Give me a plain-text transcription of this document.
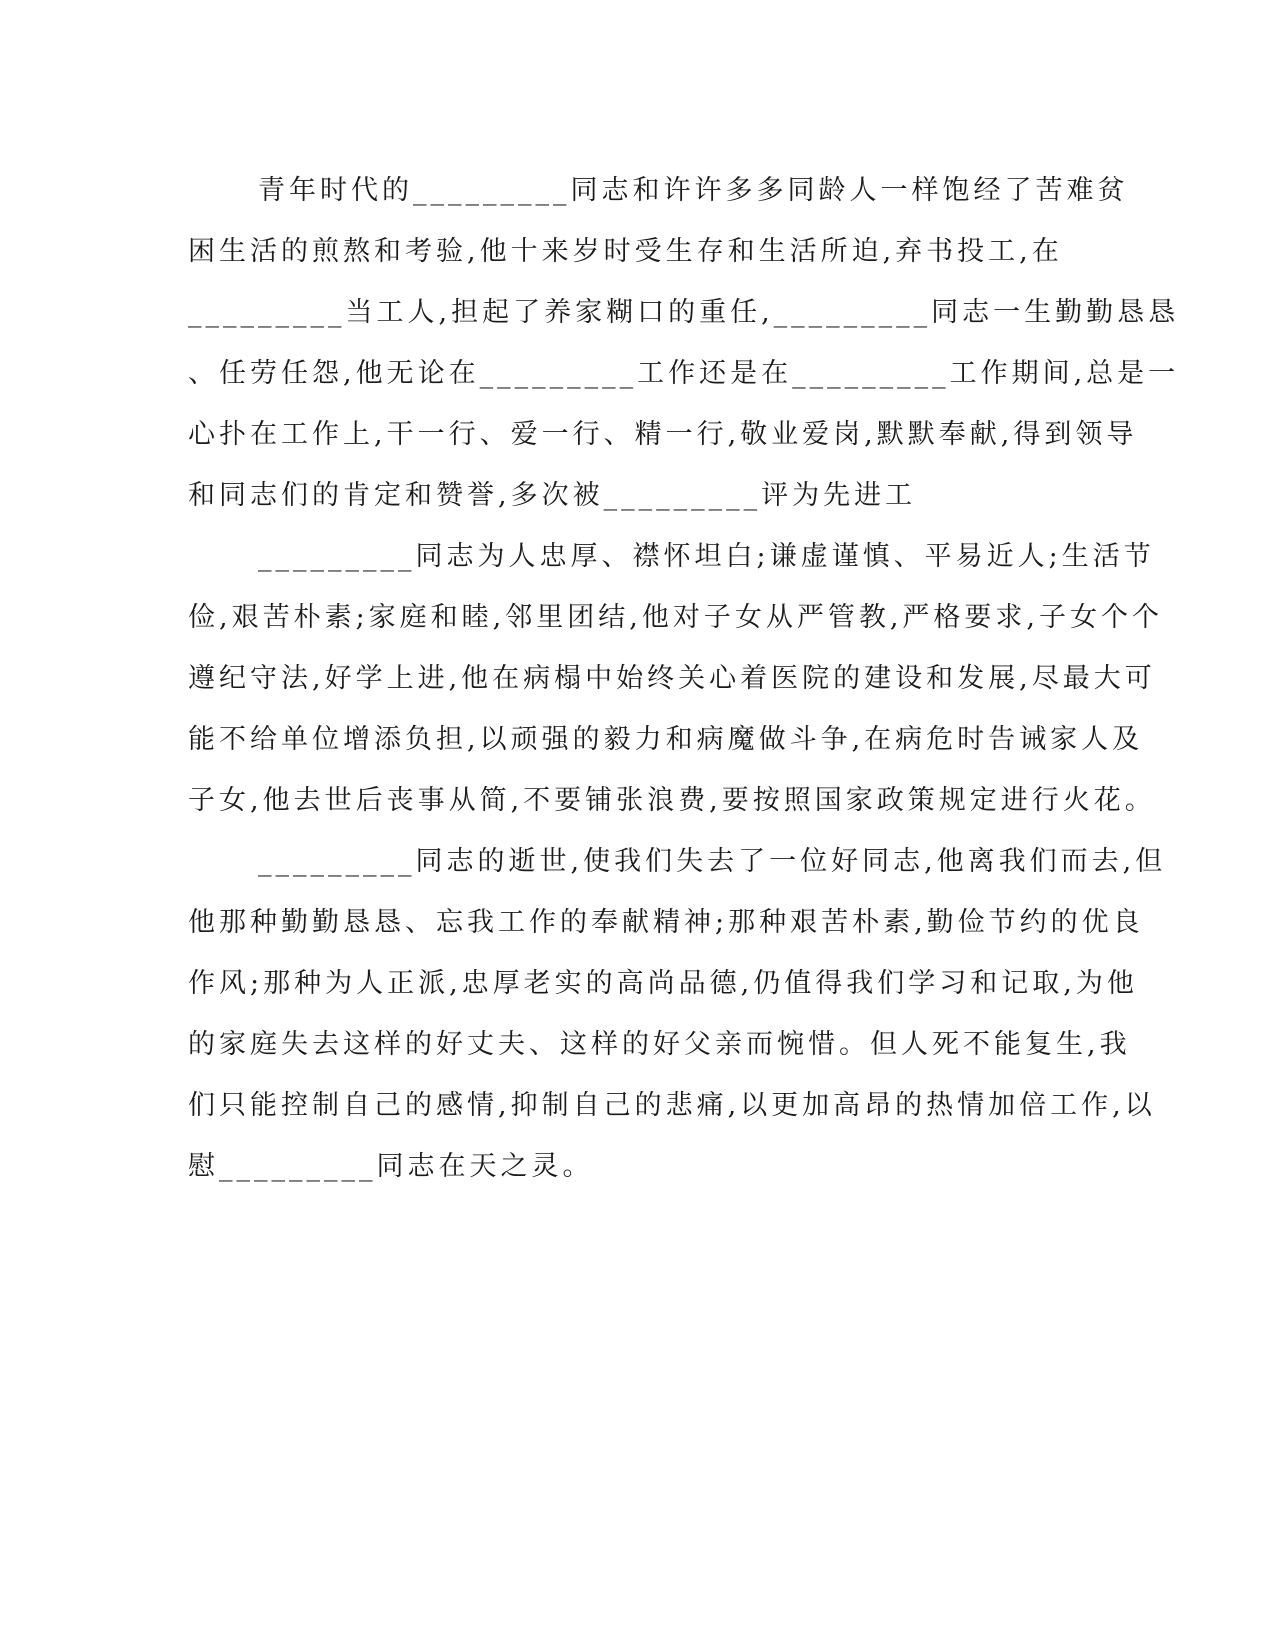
青年时代的_________同志和许许多多同龄人一样饱经了苦难贫
困生活的煎熬和考验,他十来岁时受生存和生活所迫,弃书投工,在
_________当工人,担起了养家糊口的重任,_________同志一生勤勤恳恳
、任劳任怨,他无论在_________工作还是在_________工作期间,总是一
心扑在工作上,干一行、爱一行、精一行,敬业爱岗,默默奉献,得到领导
和同志们的肯定和赞誉,多次被_________评为先进工
_________同志为人忠厚、襟怀坦白;谦虚谨慎、平易近人;生活节
俭,艰苦朴素;家庭和睦,邻里团结,他对子女从严管教,严格要求,子女个个
遵纪守法,好学上进,他在病榻中始终关心着医院的建设和发展,尽最大可
能不给单位增添负担,以顽强的毅力和病魔做斗争,在病危时告诫家人及
子女,他去世后丧事从简,不要铺张浪费,要按照国家政策规定进行火花。
_________同志的逝世,使我们失去了一位好同志,他离我们而去,但
他那种勤勤恳恳、忘我工作的奉献精神;那种艰苦朴素,勤俭节约的优良
作风;那种为人正派,忠厚老实的高尚品德,仍值得我们学习和记取,为他
的家庭失去这样的好丈夫、这样的好父亲而惋惜。但人死不能复生,我
们只能控制自己的感情,抑制自己的悲痛,以更加高昂的热情加倍工作,以
慰_________同志在天之灵。
